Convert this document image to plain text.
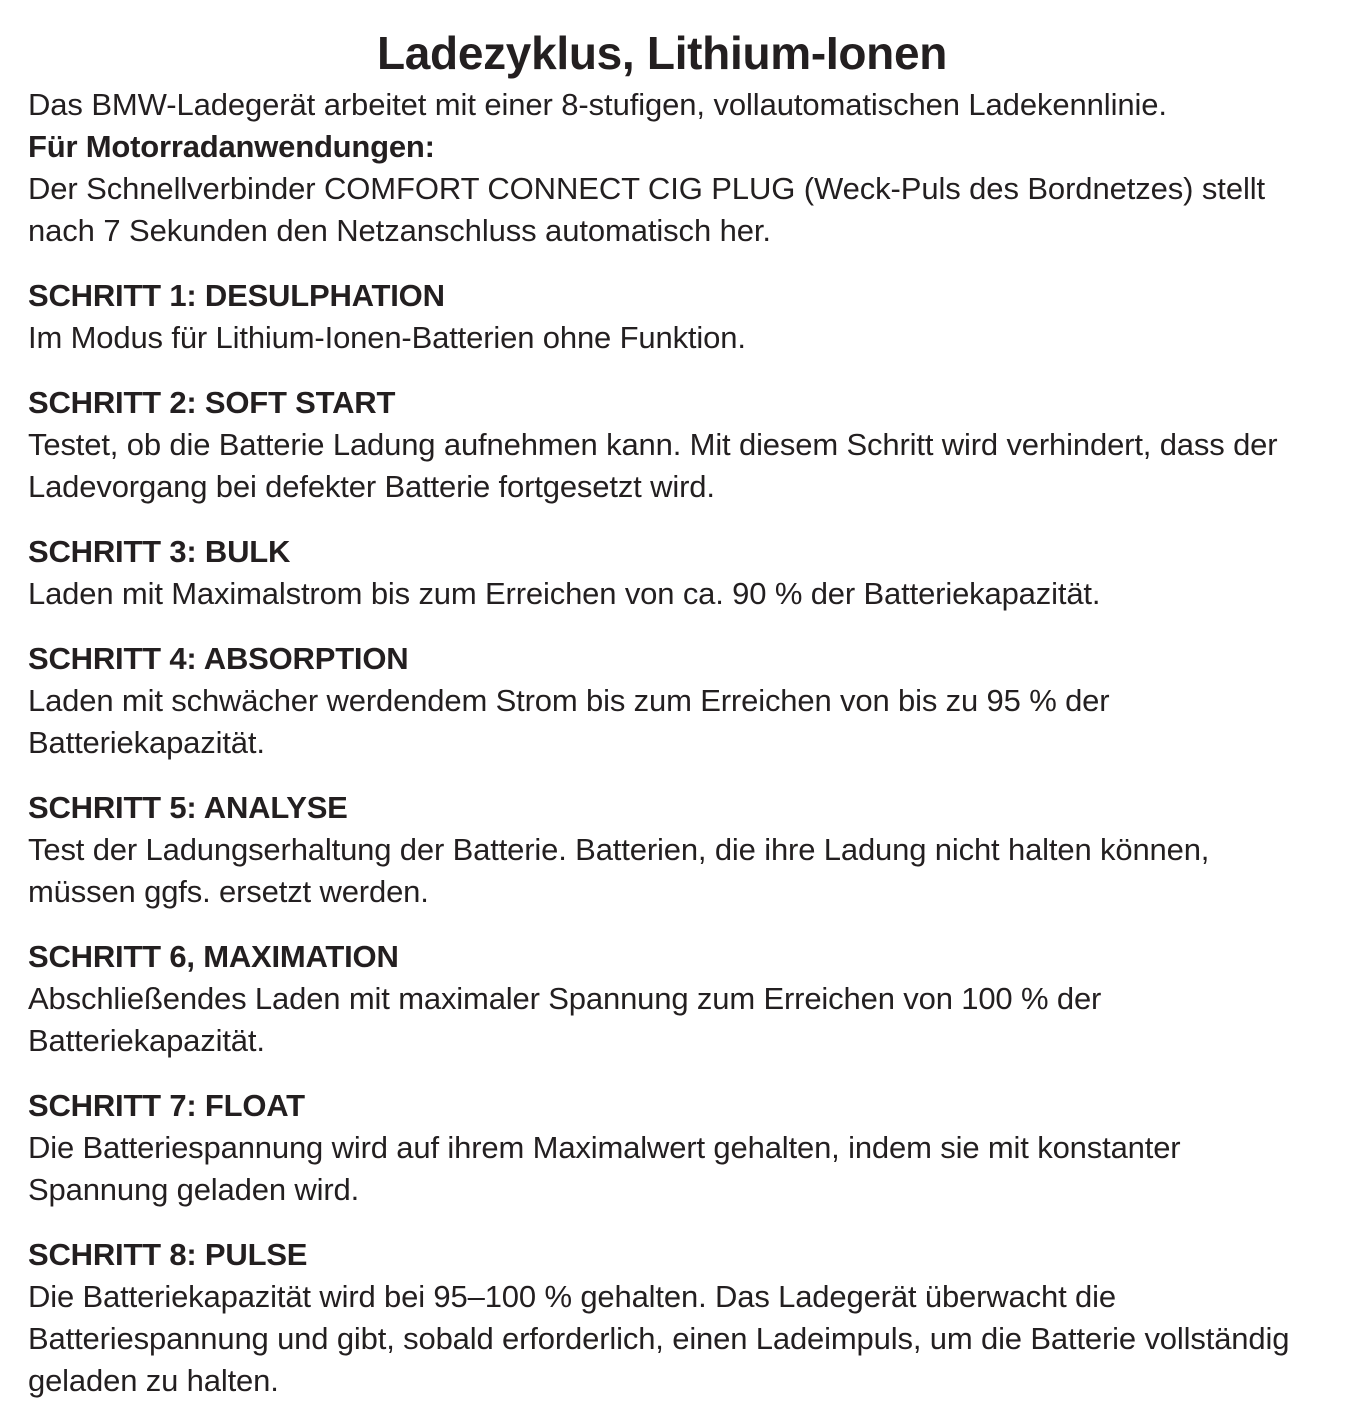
Ladezyklus, Lithium-Ionen

Das BMW-Ladegerät arbeitet mit einer 8-stufigen, vollautomatischen Ladekennlinie.

Für Motorradanwendungen:

Der Schnellverbinder COMFORT CONNECT CIG PLUG (Weck-Puls des Bordnetzes) stellt nach 7 Sekunden den Netzanschluss automatisch her.

SCHRITT 1: DESULPHATION

Im Modus für Lithium-Ionen-Batterien ohne Funktion.

SCHRITT 2: SOFT START

Testet, ob die Batterie Ladung aufnehmen kann. Mit diesem Schritt wird verhindert, dass der Ladevorgang bei defekter Batterie fortgesetzt wird.

SCHRITT 3: BULK

Laden mit Maximalstrom bis zum Erreichen von ca. 90 % der Batteriekapazität.

SCHRITT 4: ABSORPTION

Laden mit schwächer werdendem Strom bis zum Erreichen von bis zu 95 % der Batteriekapazität.

SCHRITT 5: ANALYSE

Test der Ladungserhaltung der Batterie. Batterien, die ihre Ladung nicht halten können, müssen ggfs. ersetzt werden.

SCHRITT 6, MAXIMATION

Abschließendes Laden mit maximaler Spannung zum Erreichen von 100 % der Batteriekapazität.

SCHRITT 7: FLOAT

Die Batteriespannung wird auf ihrem Maximalwert gehalten, indem sie mit konstanter Spannung geladen wird.

SCHRITT 8: PULSE

Die Batteriekapazität wird bei 95–100 % gehalten. Das Ladegerät überwacht die Batteriespannung und gibt, sobald erforderlich, einen Ladeimpuls, um die Batterie vollständig geladen zu halten.
